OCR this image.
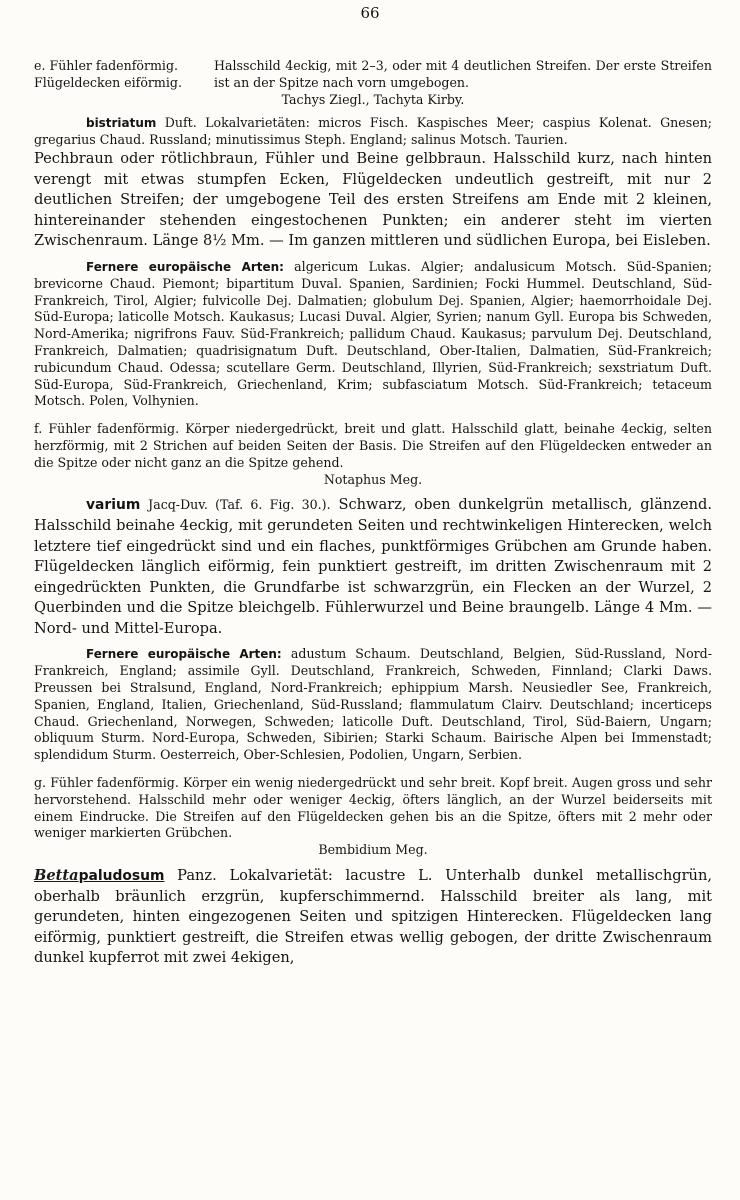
66

e. Fühler fadenförmig. Flügeldecken eiförmig.

Halsschild 4eckig, mit 2–3, oder mit 4 deutlichen Streifen. Der erste Streifen ist an der Spitze nach vorn umgebogen.

Tachys Ziegl., Tachyta Kirby.

bistriatum Duft. Lokalvarietäten: micros Fisch. Kaspisches Meer; caspius Kolenat. Gnesen; gregarius Chaud. Russland; minutissimus Steph. England; salinus Motsch. Taurien.

Pechbraun oder rötlichbraun, Fühler und Beine gelbbraun. Halsschild kurz, nach hinten verengt mit etwas stumpfen Ecken, Flügeldecken undeutlich gestreift, mit nur 2 deutlichen Streifen; der umgebogene Teil des ersten Streifens am Ende mit 2 kleinen, hintereinander stehenden eingestochenen Punkten; ein anderer steht im vierten Zwischenraum. Länge 8½ Mm. — Im ganzen mittleren und südlichen Europa, bei Eisleben.

Fernere europäische Arten: algericum Lukas. Algier; andalusicum Motsch. Süd-Spanien; brevicorne Chaud. Piemont; bipartitum Duval. Spanien, Sardinien; Focki Hummel. Deutschland, Süd-Frankreich, Tirol, Algier; fulvicolle Dej. Dalmatien; globulum Dej. Spanien, Algier; haemorrhoidale Dej. Süd-Europa; laticolle Motsch. Kaukasus; Lucasi Duval. Algier, Syrien; nanum Gyll. Europa bis Schweden, Nord-Amerika; nigrifrons Fauv. Süd-Frankreich; pallidum Chaud. Kaukasus; parvulum Dej. Deutschland, Frankreich, Dalmatien; quadrisignatum Duft. Deutschland, Ober-Italien, Dalmatien, Süd-Frankreich; rubicundum Chaud. Odessa; scutellare Germ. Deutschland, Illyrien, Süd-Frankreich; sexstriatum Duft. Süd-Europa, Süd-Frankreich, Griechenland, Krim; subfasciatum Motsch. Süd-Frankreich; tetaceum Motsch. Polen, Volhynien.

f. Fühler fadenförmig. Körper niedergedrückt, breit und glatt. Halsschild glatt, beinahe 4eckig, selten herzförmig, mit 2 Strichen auf beiden Seiten der Basis. Die Streifen auf den Flügeldecken entweder an die Spitze oder nicht ganz an die Spitze gehend.

Notaphus Meg.

varium Jacq-Duv. (Taf. 6. Fig. 30.). Schwarz, oben dunkelgrün metallisch, glänzend. Halsschild beinahe 4eckig, mit gerundeten Seiten und rechtwinkeligen Hinterecken, welch letztere tief eingedrückt sind und ein flaches, punktförmiges Grübchen am Grunde haben. Flügeldecken länglich eiförmig, fein punktiert gestreift, im dritten Zwischenraum mit 2 eingedrückten Punkten, die Grundfarbe ist schwarzgrün, ein Flecken an der Wurzel, 2 Querbinden und die Spitze bleichgelb. Fühlerwurzel und Beine braungelb. Länge 4 Mm. — Nord- und Mittel-Europa.

Fernere europäische Arten: adustum Schaum. Deutschland, Belgien, Süd-Russland, Nord-Frankreich, England; assimile Gyll. Deutschland, Frankreich, Schweden, Finnland; Clarki Daws. Preussen bei Stralsund, England, Nord-Frankreich; ephippium Marsh. Neusiedler See, Frankreich, Spanien, England, Italien, Griechenland, Süd-Russland; flammulatum Clairv. Deutschland; incerticeps Chaud. Griechenland, Norwegen, Schweden; laticolle Duft. Deutschland, Tirol, Süd-Baiern, Ungarn; obliquum Sturm. Nord-Europa, Schweden, Sibirien; Starki Schaum. Bairische Alpen bei Immenstadt; splendidum Sturm. Oesterreich, Ober-Schlesien, Podolien, Ungarn, Serbien.

g. Fühler fadenförmig. Körper ein wenig niedergedrückt und sehr breit. Kopf breit. Augen gross und sehr hervorstehend. Halsschild mehr oder weniger 4eckig, öfters länglich, an der Wurzel beiderseits mit einem Eindrucke. Die Streifen auf den Flügeldecken gehen bis an die Spitze, öfters mit 2 mehr oder weniger markierten Grübchen.

Bembidium Meg.

Bettapaludosum Panz. Lokalvarietät: lacustre L. Unterhalb dunkel metallischgrün, oberhalb bräunlich erzgrün, kupferschimmernd. Halsschild breiter als lang, mit gerundeten, hinten eingezogenen Seiten und spitzigen Hinterecken. Flügeldecken lang eiförmig, punktiert gestreift, die Streifen etwas wellig gebogen, der dritte Zwischenraum dunkel kupferrot mit zwei 4ekigen,
